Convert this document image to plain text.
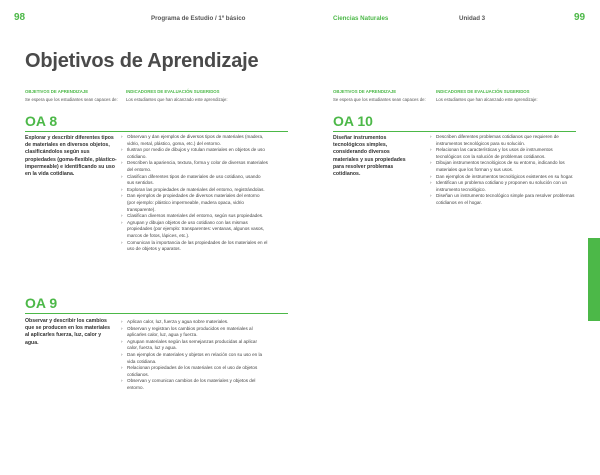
98	Programa de Estudio / 1º básico	Ciencias Naturales	Unidad 3	99
Objetivos de Aprendizaje
OBJETIVOS DE APRENDIZAJE
Se espera que los estudiantes sean capaces de:
INDICADORES DE EVALUACIÓN SUGERIDOS
Los estudiantes que han alcanzado este aprendizaje:
OBJETIVOS DE APRENDIZAJE
Se espera que los estudiantes sean capaces de:
INDICADORES DE EVALUACIÓN SUGERIDOS
Los estudiantes que han alcanzado este aprendizaje:
OA 8
Explorar y describir diferentes tipos de materiales en diversos objetos, clasificándolos según sus propiedades (goma-flexible, plástico-impermeable) e identificando su uso en la vida cotidiana.
› Observan y dan ejemplos de diversos tipos de materiales (madera, vidrio, metal, plástico, goma, etc.) del entorno.
› Ilustran por medio de dibujos y rotulan materiales en objetos de uso cotidiano.
› Describen la apariencia, textura, forma y color de diversos materiales del entorno.
› Clasifican diferentes tipos de materiales de uso cotidiano, usando sus sentidos.
› Exploran las propiedades de materiales del entorno, registrándolas.
› Dan ejemplos de propiedades de diversos materiales del entorno (por ejemplo: plástico impermeable, madera opaca, vidrio transparente).
› Clasifican diversos materiales del entorno, según sus propiedades.
› Agrupan y dibujan objetos de uso cotidiano con las mismas propiedades (por ejemplo: transparentes: ventanas, algunos vasos, marcos de fotos, lápices, etc.).
› Comunican la importancia de las propiedades de los materiales en el uso de objetos y aparatos.
OA 9
Observar y describir los cambios que se producen en los materiales al aplicarles fuerza, luz, calor y agua.
› Aplican calor, luz, fuerza y agua sobre materiales.
› Observan y registran los cambios producidos en materiales al aplicarles calor, luz, agua y fuerza.
› Agrupan materiales según las semejanzas producidas al aplicar calor, fuerza, luz y agua.
› Dan ejemplos de materiales y objetos en relación con su uso en la vida cotidiana.
› Relacionan propiedades de los materiales con el uso de objetos cotidianos.
› Observan y comunican cambios de los materiales y objetos del entorno.
OA 10
Diseñar instrumentos tecnológicos simples, considerando diversos materiales y sus propiedades para resolver problemas cotidianos.
› Describen diferentes problemas cotidianos que requieren de instrumentos tecnológicos para su solución.
› Relacionan las características y los usos de instrumentos tecnológicos con la solución de problemas cotidianos.
› Dibujan instrumentos tecnológicos de su entorno, indicando los materiales que los forman y sus usos.
› Dan ejemplos de instrumentos tecnológicos existentes en su hogar.
› Identifican un problema cotidiano y proponen su solución con un instrumento tecnológico.
› Diseñan un instrumento tecnológico simple para resolver problemas cotidianos en el hogar.
